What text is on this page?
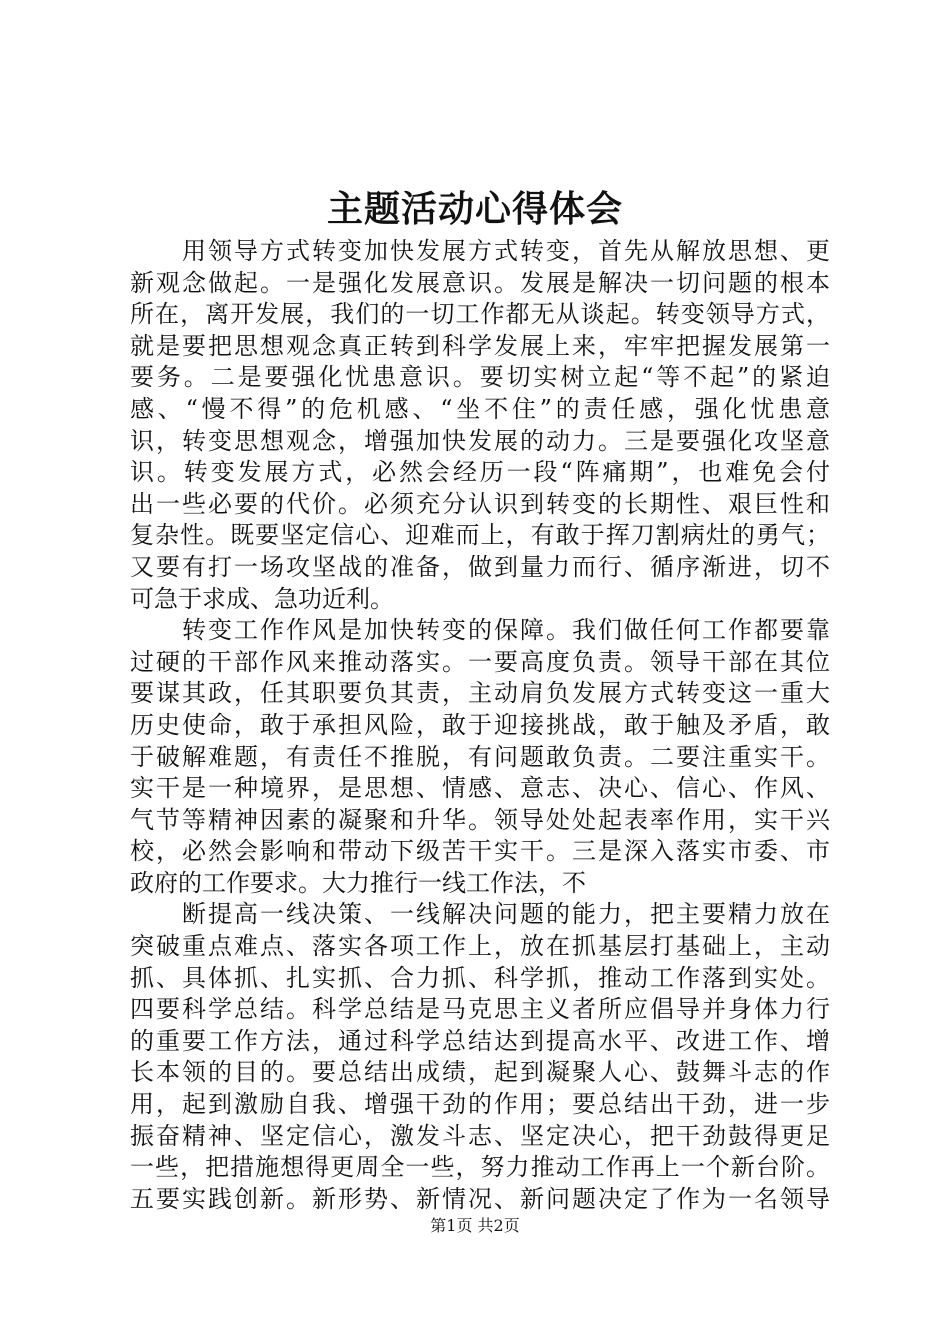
主题活动心得体会
用领导方式转变加快发展方式转变，首先从解放思想、更
新观念做起。一是强化发展意识。发展是解决一切问题的根本
所在，离开发展，我们的一切工作都无从谈起。转变领导方式，
就是要把思想观念真正转到科学发展上来，牢牢把握发展第一
要务。二是要强化忧患意识。要切实树立起“等不起”的紧迫
感、“慢不得”的危机感、“坐不住”的责任感，强化忧患意
识，转变思想观念，增强加快发展的动力。三是要强化攻坚意
识。转变发展方式，必然会经历一段“阵痛期”，也难免会付
出一些必要的代价。必须充分认识到转变的长期性、艰巨性和
复杂性。既要坚定信心、迎难而上，有敢于挥刀割病灶的勇气；
又要有打一场攻坚战的准备，做到量力而行、循序渐进，切不
可急于求成、急功近利。
转变工作作风是加快转变的保障。我们做任何工作都要靠
过硬的干部作风来推动落实。一要高度负责。领导干部在其位
要谋其政，任其职要负其责，主动肩负发展方式转变这一重大
历史使命，敢于承担风险，敢于迎接挑战，敢于触及矛盾，敢
于破解难题，有责任不推脱，有问题敢负责。二要注重实干。
实干是一种境界，是思想、情感、意志、决心、信心、作风、
气节等精神因素的凝聚和升华。领导处处起表率作用，实干兴
校，必然会影响和带动下级苦干实干。三是深入落实市委、市
政府的工作要求。大力推行一线工作法，不
断提高一线决策、一线解决问题的能力，把主要精力放在
突破重点难点、落实各项工作上，放在抓基层打基础上，主动
抓、具体抓、扎实抓、合力抓、科学抓，推动工作落到实处。
四要科学总结。科学总结是马克思主义者所应倡导并身体力行
的重要工作方法，通过科学总结达到提高水平、改进工作、增
长本领的目的。要总结出成绩，起到凝聚人心、鼓舞斗志的作
用，起到激励自我、增强干劲的作用；要总结出干劲，进一步
振奋精神、坚定信心，激发斗志、坚定决心，把干劲鼓得更足
一些，把措施想得更周全一些，努力推动工作再上一个新台阶。
五要实践创新。新形势、新情况、新问题决定了作为一名领导
第1页 共2页
